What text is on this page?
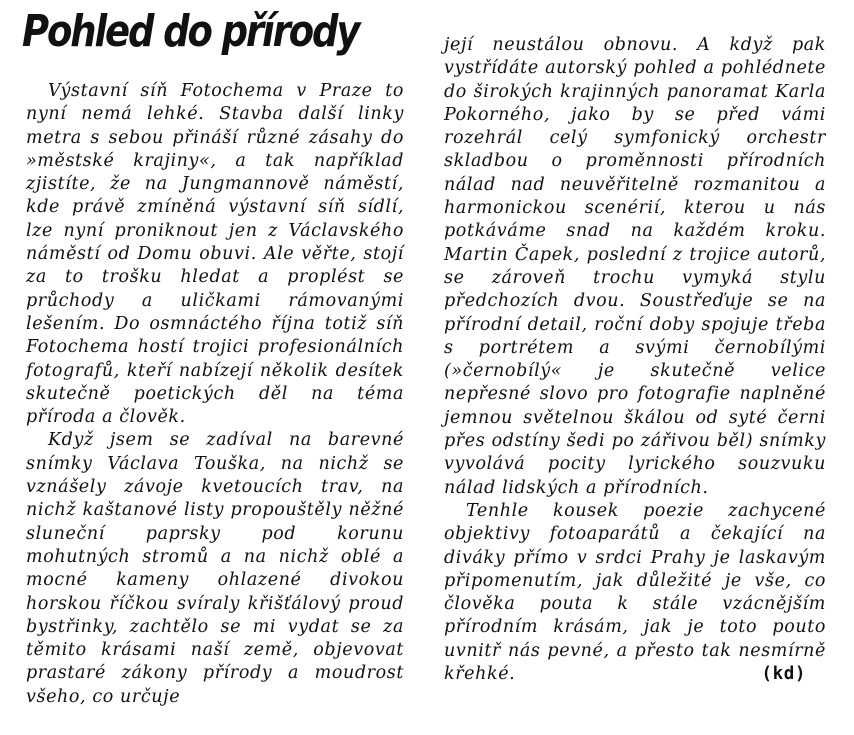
Pohled do přírody

Výstavní síň Fotochema v Praze to nyní nemá lehké. Stavba další linky metra s sebou přináší různé zásahy do »městské krajiny«, a tak například zjistíte, že na Jungmannově náměstí, kde právě zmíněná výstavní síň sídlí, lze nyní proniknout jen z Václavského náměstí od Domu obuvi. Ale věřte, stojí za to trošku hledat a proplést se průchody a uličkami rámovanými lešením. Do osmnáctého října totiž síň Fotochema hostí trojici profesionálních fotografů, kteří nabízejí několik desítek skutečně poetických děl na téma příroda a člověk.

Když jsem se zadíval na barevné snímky Václava Touška, na nichž se vznášely závoje kvetoucích trav, na nichž kaštanové listy propouštěly něžné sluneční paprsky pod korunu mohutných stromů a na nichž oblé a mocné kameny ohlazené divokou horskou říčkou svíraly křišťálový proud bystřinky, zachtělo se mi vydat se za těmito krásami naší země, objevovat prastaré zákony přírody a moudrost všeho, co určuje

její neustálou obnovu. A když pak vystřídáte autorský pohled a pohlédnete do širokých krajinných panoramat Karla Pokorného, jako by se před vámi rozehrál celý symfonický orchestr skladbou o proměnnosti přírodních nálad nad neuvěřitelně rozmanitou a harmonickou scenérií, kterou u nás potkáváme snad na každém kroku. Martin Čapek, poslední z trojice autorů, se zároveň trochu vymyká stylu předchozích dvou. Soustřeďuje se na přírodní detail, roční doby spojuje třeba s portrétem a svými černobílými (»černobílý« je skutečně velice nepřesné slovo pro fotografie naplněné jemnou světelnou škálou od syté černi přes odstíny šedi po zářivou běl) snímky vyvolává pocity lyrického souzvuku nálad lidských a přírodních.

Tenhle kousek poezie zachycené objektivy fotoaparátů a čekající na diváky přímo v srdci Prahy je laskavým připomenutím, jak důležité je vše, co člověka pouta k stále vzácnějším přírodním krásám, jak je toto pouto uvnitř nás pevné, a přesto tak nesmírně křehké.	(kd)
